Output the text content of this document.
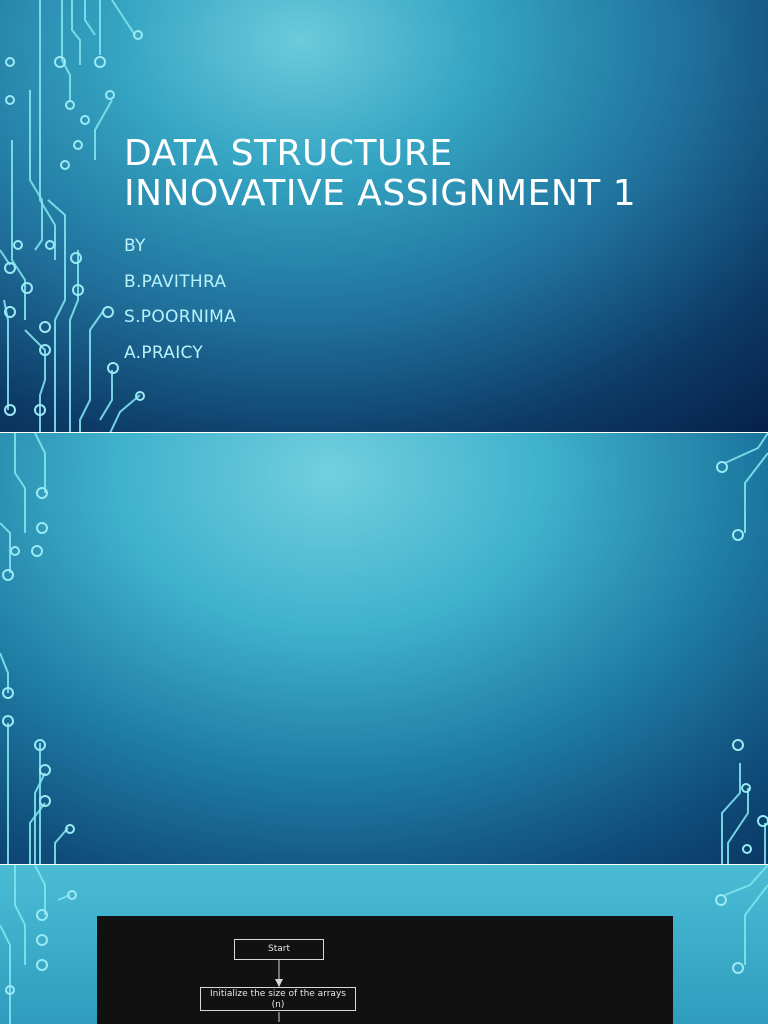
DATA STRUCTURE
INNOVATIVE ASSIGNMENT 1
BY
B.PAVITHRA
S.POORNIMA
A.PRAICY
Start
Initialize the size of the arrays
(n)
